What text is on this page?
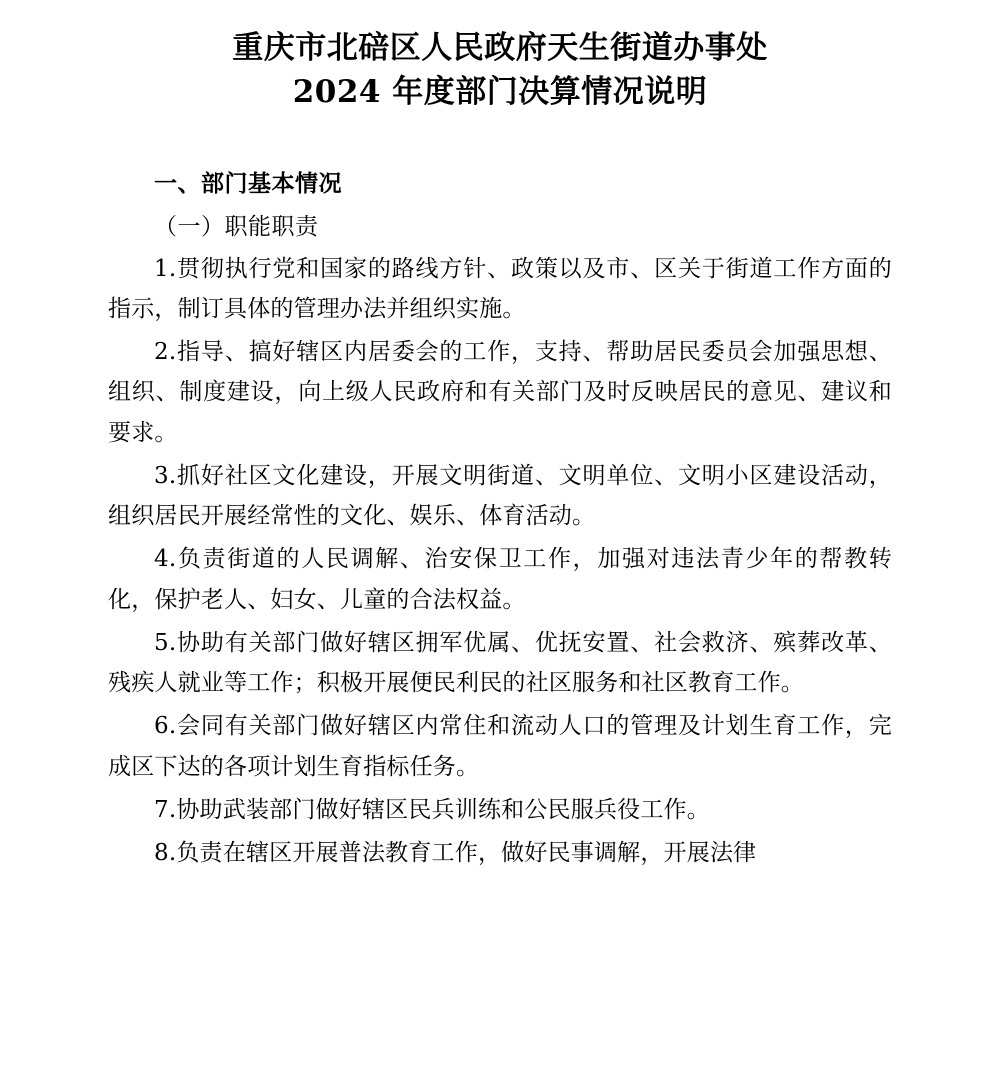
重庆市北碚区人民政府天生街道办事处
2024 年度部门决算情况说明

一、部门基本情况

（一）职能职责

1.贯彻执行党和国家的路线方针、政策以及市、区关于街道工作方面的指示，制订具体的管理办法并组织实施。

2.指导、搞好辖区内居委会的工作，支持、帮助居民委员会加强思想、组织、制度建设，向上级人民政府和有关部门及时反映居民的意见、建议和要求。

3.抓好社区文化建设，开展文明街道、文明单位、文明小区建设活动，组织居民开展经常性的文化、娱乐、体育活动。

4.负责街道的人民调解、治安保卫工作，加强对违法青少年的帮教转化，保护老人、妇女、儿童的合法权益。

5.协助有关部门做好辖区拥军优属、优抚安置、社会救济、殡葬改革、残疾人就业等工作；积极开展便民利民的社区服务和社区教育工作。

6.会同有关部门做好辖区内常住和流动人口的管理及计划生育工作，完成区下达的各项计划生育指标任务。

7.协助武装部门做好辖区民兵训练和公民服兵役工作。

8.负责在辖区开展普法教育工作，做好民事调解，开展法律
